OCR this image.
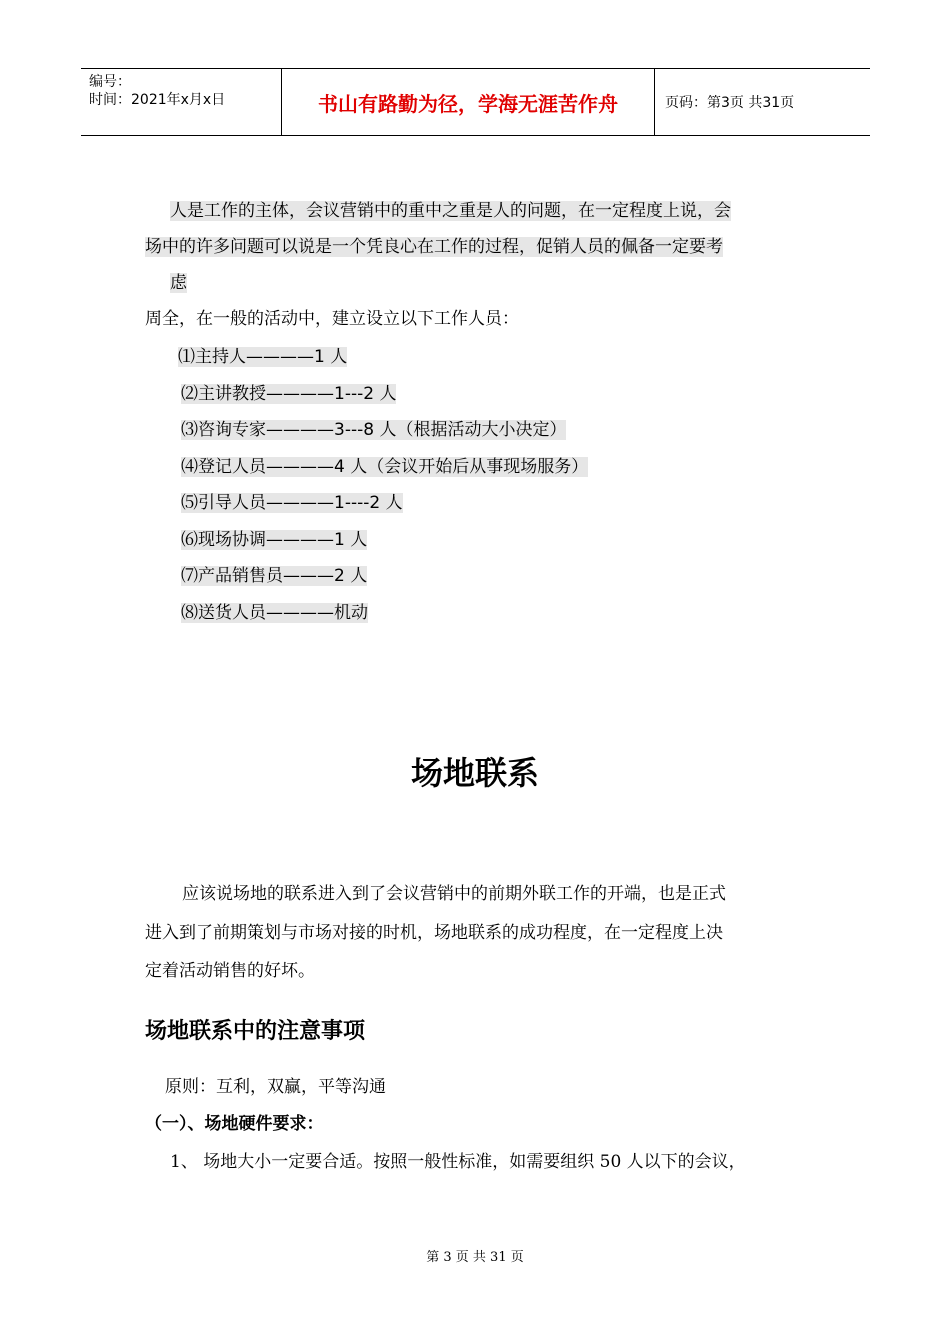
编号：
时间：2021年x月x日	书山有路勤为径，学海无涯苦作舟	页码：第3页 共31页
人是工作的主体，会议营销中的重中之重是人的问题，在一定程度上说，会
场中的许多问题可以说是一个凭良心在工作的过程，促销人员的佩备一定要考
虑
周全，在一般的活动中，建立设立以下工作人员：
⑴主持人————1 人
⑵主讲教授————1---2 人
⑶咨询专家————3---8 人（根据活动大小决定）
⑷登记人员————4 人（会议开始后从事现场服务）
⑸引导人员————1----2 人
⑹现场协调————1 人
⑺产品销售员———2 人
⑻送货人员————机动
场地联系
应该说场地的联系进入到了会议营销中的前期外联工作的开端，也是正式
进入到了前期策划与市场对接的时机，场地联系的成功程度，在一定程度上决
定着活动销售的好坏。
场地联系中的注意事项
原则：互利，双赢，平等沟通
（一）、场地硬件要求：
1、 场地大小一定要合适。按照一般性标准，如需要组织 50 人以下的会议，
第 3 页 共 31 页
